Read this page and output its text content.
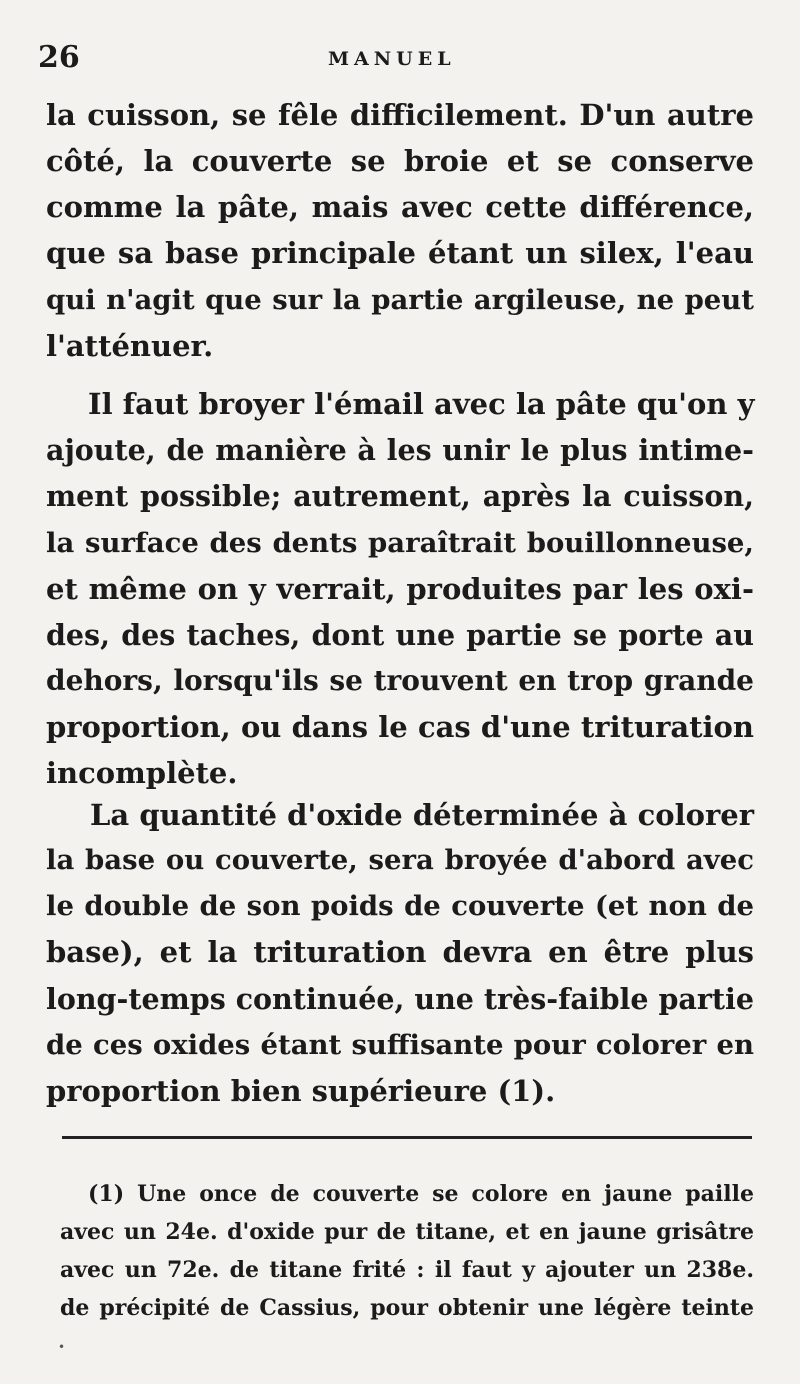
26	MANUEL
la cuisson, se fêle difficilement. D'un autre
côté, la couverte se broie et se conserve
comme la pâte, mais avec cette différence,
que sa base principale étant un silex, l'eau
qui n'agit que sur la partie argileuse, ne peut
l'atténuer.
Il faut broyer l'émail avec la pâte qu'on y
ajoute, de manière à les unir le plus intime-
ment possible; autrement, après la cuisson,
la surface des dents paraîtrait bouillonneuse,
et même on y verrait, produites par les oxi-
des, des taches, dont une partie se porte au
dehors, lorsqu'ils se trouvent en trop grande
proportion, ou dans le cas d'une trituration
incomplète.
La quantité d'oxide déterminée à colorer
la base ou couverte, sera broyée d'abord avec
le double de son poids de couverte (et non de
base), et la trituration devra en être plus
long-temps continuée, une très-faible partie
de ces oxides étant suffisante pour colorer en
proportion bien supérieure (1).
(1) Une once de couverte se colore en jaune paille
avec un 24e. d'oxide pur de titane, et en jaune grisâtre
avec un 72e. de titane frité : il faut y ajouter un 238e.
de précipité de Cassius, pour obtenir une légère teinte
•
